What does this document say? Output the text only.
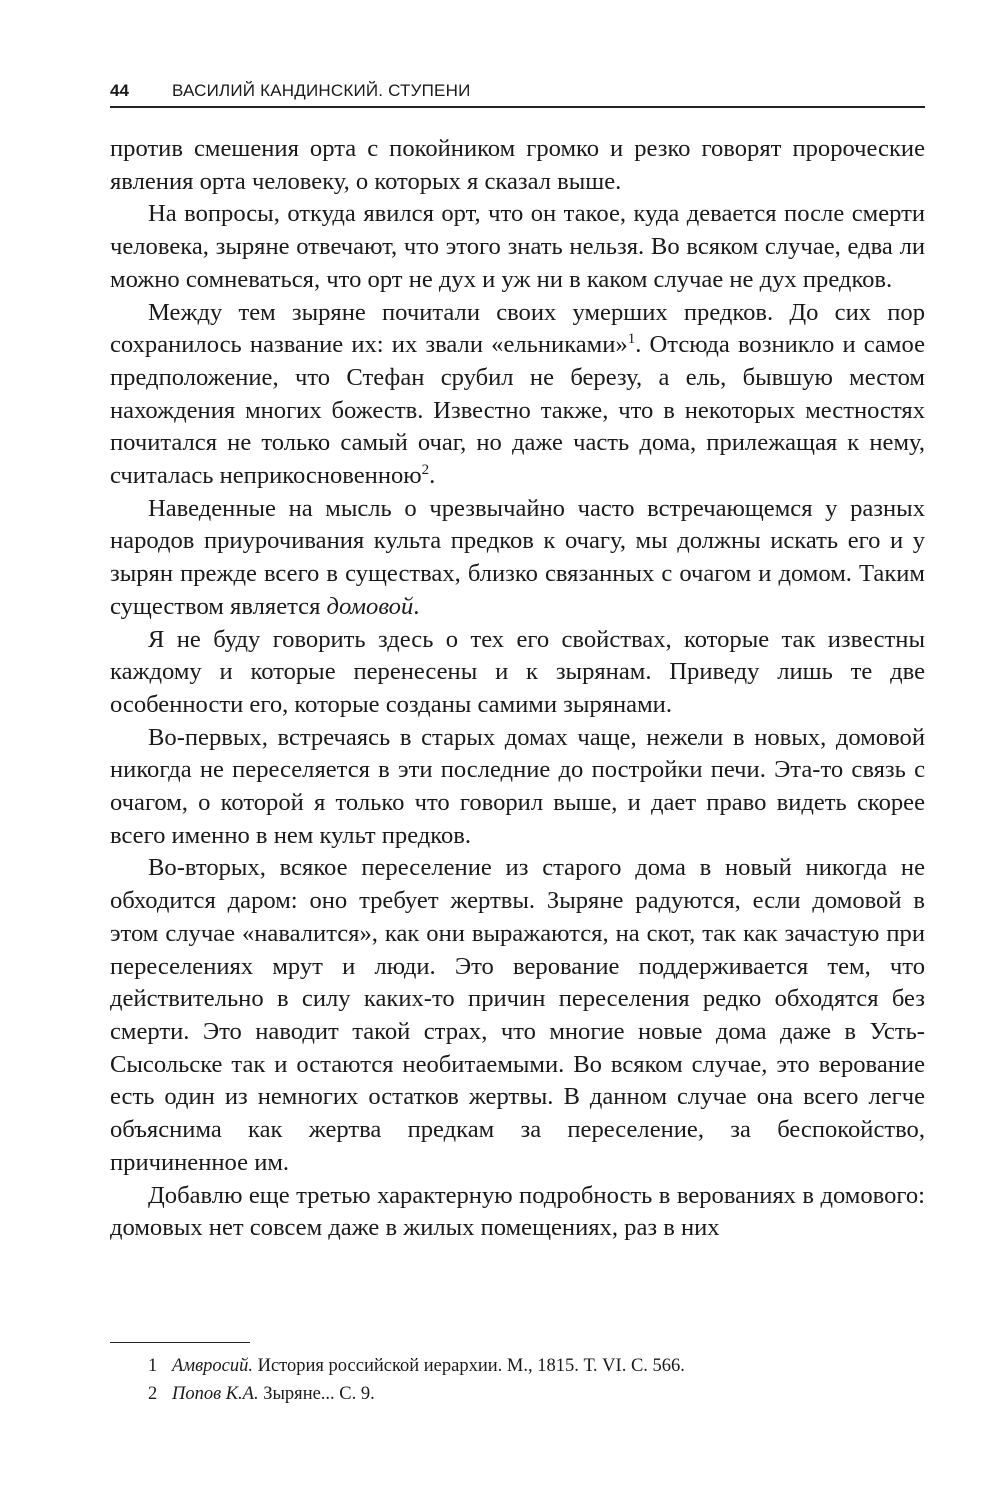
44	ВАСИЛИЙ КАНДИНСКИЙ. СТУПЕНИ

против смешения орта с покойником громко и резко говорят пророческие явления орта человеку, о которых я сказал выше.

На вопросы, откуда явился орт, что он такое, куда девается после смерти человека, зыряне отвечают, что этого знать нельзя. Во всяком случае, едва ли можно сомневаться, что орт не дух и уж ни в каком случае не дух предков.

Между тем зыряне почитали своих умерших предков. До сих пор сохранилось название их: их звали «ельниками»$^1$. Отсюда возникло и самое предположение, что Стефан срубил не березу, а ель, бывшую местом нахождения многих божеств. Известно также, что в некоторых местностях почитался не только самый очаг, но даже часть дома, прилежащая к нему, считалась неприкосновенною$^2$.

Наведенные на мысль о чрезвычайно часто встречающемся у разных народов приурочивания культа предков к очагу, мы должны искать его и у зырян прежде всего в существах, близко связанных с очагом и домом. Таким существом является домовой.

Я не буду говорить здесь о тех его свойствах, которые так известны каждому и которые перенесены и к зырянам. Приведу лишь те две особенности его, которые созданы самими зырянами.

Во-первых, встречаясь в старых домах чаще, нежели в новых, домовой никогда не переселяется в эти последние до постройки печи. Эта-то связь с очагом, о которой я только что говорил выше, и дает право видеть скорее всего именно в нем культ предков.

Во-вторых, всякое переселение из старого дома в новый никогда не обходится даром: оно требует жертвы. Зыряне радуются, если домовой в этом случае «навалится», как они выражаются, на скот, так как зачастую при переселениях мрут и люди. Это верование поддерживается тем, что действительно в силу каких-то причин переселения редко обходятся без смерти. Это наводит такой страх, что многие новые дома даже в Усть-Сысольске так и остаются необитаемыми. Во всяком случае, это верование есть один из немногих остатков жертвы. В данном случае она всего легче объяснима как жертва предкам за переселение, за беспокойство, причиненное им.

Добавлю еще третью характерную подробность в верованиях в домового: домовых нет совсем даже в жилых помещениях, раз в них

1 Амвросий. История российской иерархии. М., 1815. Т. VI. С. 566.
2 Попов К.А. Зыряне... С. 9.
